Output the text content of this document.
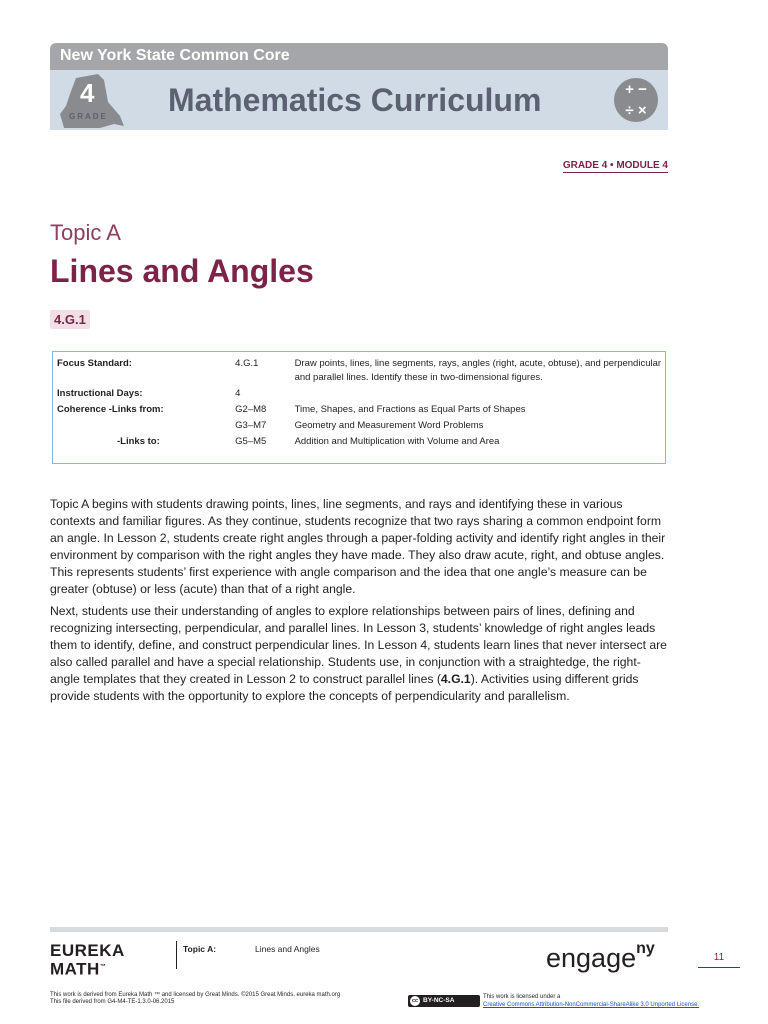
New York State Common Core
4
GRADE Mathematics Curriculum	+ −
÷ ×
GRADE 4 • MODULE 4
Topic A
Lines and Angles
4.G.1
Focus Standard:	4.G.1	Draw points, lines, line segments, rays, angles (right, acute, obtuse), and perpendicular and parallel lines. Identify these in two-dimensional figures.
Instructional Days:	4	
Coherence -Links from:	G2–M8	Time, Shapes, and Fractions as Equal Parts of Shapes
	G3–M7	Geometry and Measurement Word Problems
-Links to:	G5–M5	Addition and Multiplication with Volume and Area

Topic A begins with students drawing points, lines, line segments, and rays and identifying these in various contexts and familiar figures. As they continue, students recognize that two rays sharing a common endpoint form an angle. In Lesson 2, students create right angles through a paper-folding activity and identify right angles in their environment by comparison with the right angles they have made. They also draw acute, right, and obtuse angles. This represents students’ first experience with angle comparison and the idea that one angle’s measure can be greater (obtuse) or less (acute) than that of a right angle.

Next, students use their understanding of angles to explore relationships between pairs of lines, defining and recognizing intersecting, perpendicular, and parallel lines. In Lesson 3, students’ knowledge of right angles leads them to identify, define, and construct perpendicular lines. In Lesson 4, students learn lines that never intersect are also called parallel and have a special relationship. Students use, in conjunction with a straightedge, the right-angle templates that they created in Lesson 2 to construct parallel lines (4.G.1). Activities using different grids provide students with the opportunity to explore the concepts of perpendicularity and parallelism.

EUREKA
MATH™
Topic A:	Lines and Angles	engage$^{ny}$
11
This work is derived from Eureka Math ™ and licensed by Great Minds. ©2015 Great Minds. eureka math.org
This file derived from G4-M4-TE-1.3.0-06.2015	cc BY-NC-SA	This work is licensed under a
Creative Commons Attribution-NonCommercial-ShareAlike 3.0 Unported License.
